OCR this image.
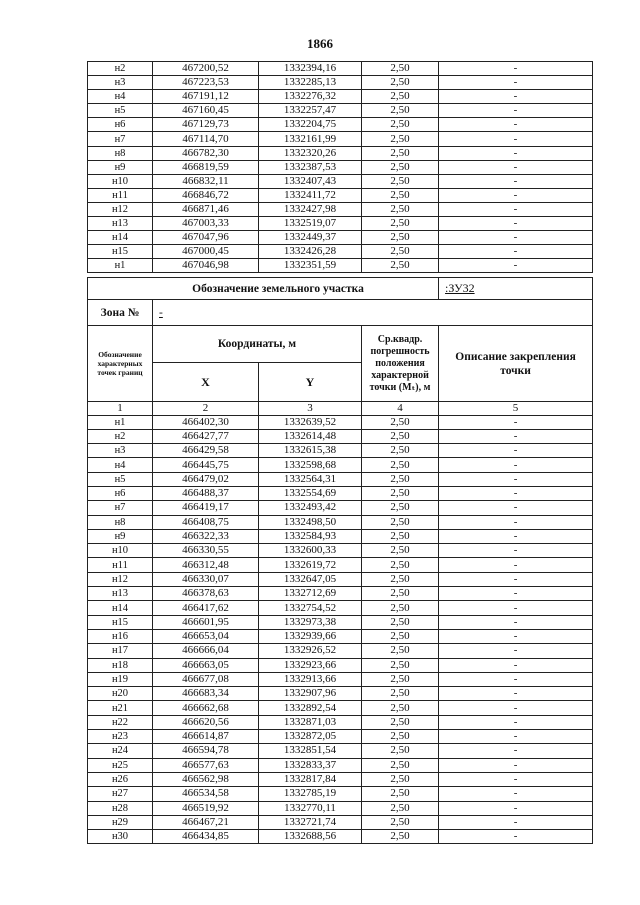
1866
н2	467200,52	1332394,16	2,50	-
н3	467223,53	1332285,13	2,50	-
н4	467191,12	1332276,32	2,50	-
н5	467160,45	1332257,47	2,50	-
н6	467129,73	1332204,75	2,50	-
н7	467114,70	1332161,99	2,50	-
н8	466782,30	1332320,26	2,50	-
н9	466819,59	1332387,53	2,50	-
н10	466832,11	1332407,43	2,50	-
н11	466846,72	1332411,72	2,50	-
н12	466871,46	1332427,98	2,50	-
н13	467003,33	1332519,07	2,50	-
н14	467047,96	1332449,37	2,50	-
н15	467000,45	1332426,28	2,50	-
н1	467046,98	1332351,59	2,50	-
Обозначение земельного участка				:ЗУ32
Зона №	-			
Обозначение характерных точек границ	Координаты, м		Ср.квадр. погрешность положения характерной точки (Mₜ), м	Описание закрепления точки
	X	Y		
1	2	3	4	5
н1	466402,30	1332639,52	2,50	-
н2	466427,77	1332614,48	2,50	-
н3	466429,58	1332615,38	2,50	-
н4	466445,75	1332598,68	2,50	-
н5	466479,02	1332564,31	2,50	-
н6	466488,37	1332554,69	2,50	-
н7	466419,17	1332493,42	2,50	-
н8	466408,75	1332498,50	2,50	-
н9	466322,33	1332584,93	2,50	-
н10	466330,55	1332600,33	2,50	-
н11	466312,48	1332619,72	2,50	-
н12	466330,07	1332647,05	2,50	-
н13	466378,63	1332712,69	2,50	-
н14	466417,62	1332754,52	2,50	-
н15	466601,95	1332973,38	2,50	-
н16	466653,04	1332939,66	2,50	-
н17	466666,04	1332926,52	2,50	-
н18	466663,05	1332923,66	2,50	-
н19	466677,08	1332913,66	2,50	-
н20	466683,34	1332907,96	2,50	-
н21	466662,68	1332892,54	2,50	-
н22	466620,56	1332871,03	2,50	-
н23	466614,87	1332872,05	2,50	-
н24	466594,78	1332851,54	2,50	-
н25	466577,63	1332833,37	2,50	-
н26	466562,98	1332817,84	2,50	-
н27	466534,58	1332785,19	2,50	-
н28	466519,92	1332770,11	2,50	-
н29	466467,21	1332721,74	2,50	-
н30	466434,85	1332688,56	2,50	-
